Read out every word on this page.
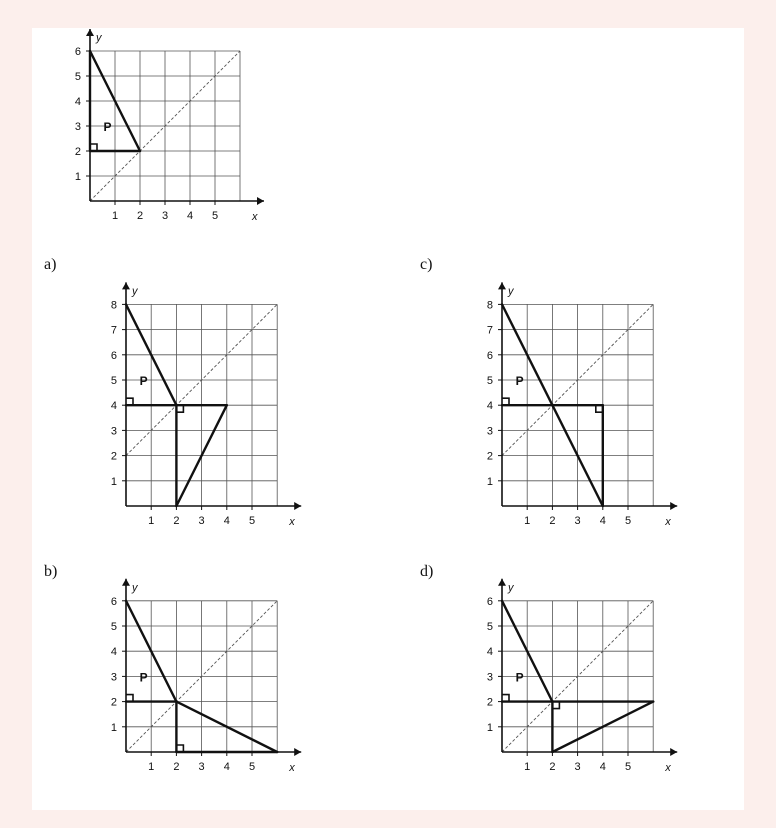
a)	c)
b)	d)
1 2 3 4 5
1
2
3
4
5
6
x
y
P
1 2 3 4 5
1
2
3
4
5
6
7
8
x
y
P
1 2 3 4 5
1
2
3
4
5
6
7
8
x
y
P
1 2 3 4 5
1
2
3
4
5
6
x
y
P
1 2 3 4 5
1
2
3
4
5
6
x
y
P
